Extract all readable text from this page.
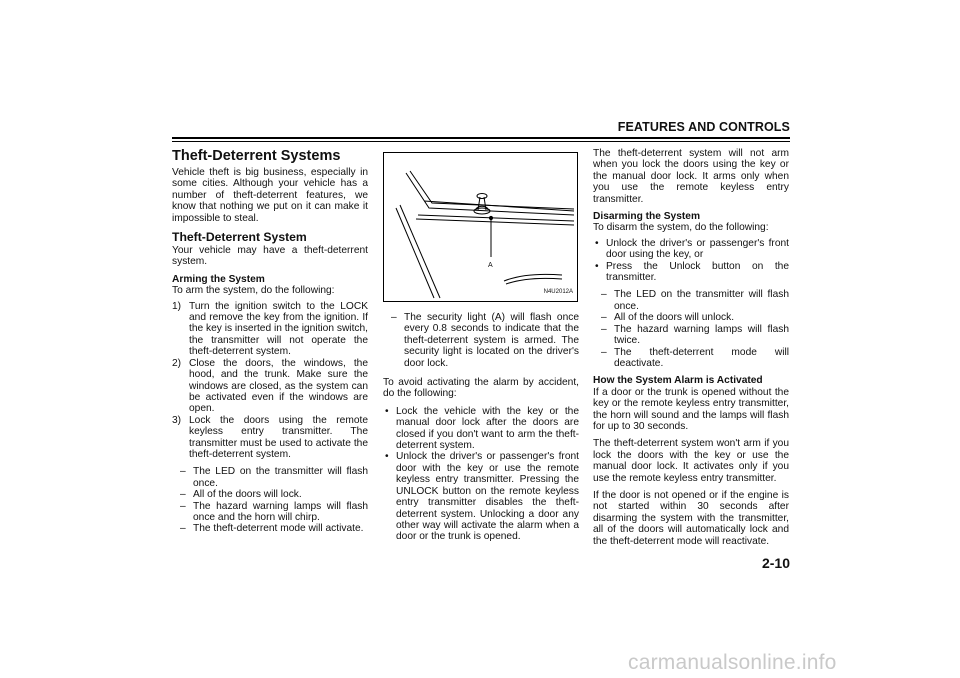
FEATURES AND CONTROLS
Theft-Deterrent Systems

Vehicle theft is big business, especially in some cities. Although your vehicle has a number of theft-deterrent features, we know that nothing we put on it can make it impossible to steal.

Theft-Deterrent System

Your vehicle may have a theft-deterrent system.

Arming the System

To arm the system, do the following:

1) Turn the ignition switch to the LOCK and remove the key from the ignition. If the key is inserted in the ignition switch, the transmitter will not operate the theft-deterrent system.
2) Close the doors, the windows, the hood, and the trunk. Make sure the windows are closed, as the system can be activated even if the windows are open.
3) Lock the doors using the remote keyless entry transmitter. The transmitter must be used to activate the theft-deterrent system.
– The LED on the transmitter will flash once.
– All of the doors will lock.
– The hazard warning lamps will flash once and the horn will chirp.
– The theft-deterrent mode will activate.
A
N4U2012A
– The security light (A) will flash once every 0.8 seconds to indicate that the theft-deterrent system is armed. The security light is located on the driver's door lock.

To avoid activating the alarm by accident, do the following:

• Lock the vehicle with the key or the manual door lock after the doors are closed if you don't want to arm the theft-deterrent system.
• Unlock the driver's or passenger's front door with the key or use the remote keyless entry transmitter. Pressing the UNLOCK button on the remote keyless entry transmitter disables the theft-deterrent system. Unlocking a door any other way will activate the alarm when a door or the trunk is opened.

The theft-deterrent system will not arm when you lock the doors using the key or the manual door lock. It arms only when you use the remote keyless entry transmitter.

Disarming the System

To disarm the system, do the following:

• Unlock the driver's or passenger's front door using the key, or
• Press the Unlock button on the transmitter.
– The LED on the transmitter will flash once.
– All of the doors will unlock.
– The hazard warning lamps will flash twice.
– The theft-deterrent mode will deactivate.
How the System Alarm is Activated

If a door or the trunk is opened without the key or the remote keyless entry transmitter, the horn will sound and the lamps will flash for up to 30 seconds.

The theft-deterrent system won't arm if you lock the doors with the key or use the manual door lock. It activates only if you use the remote keyless entry transmitter.

If the door is not opened or if the engine is not started within 30 seconds after disarming the system with the transmitter, all of the doors will automatically lock and the theft-deterrent mode will reactivate.

2-10
carmanualsonline.info
